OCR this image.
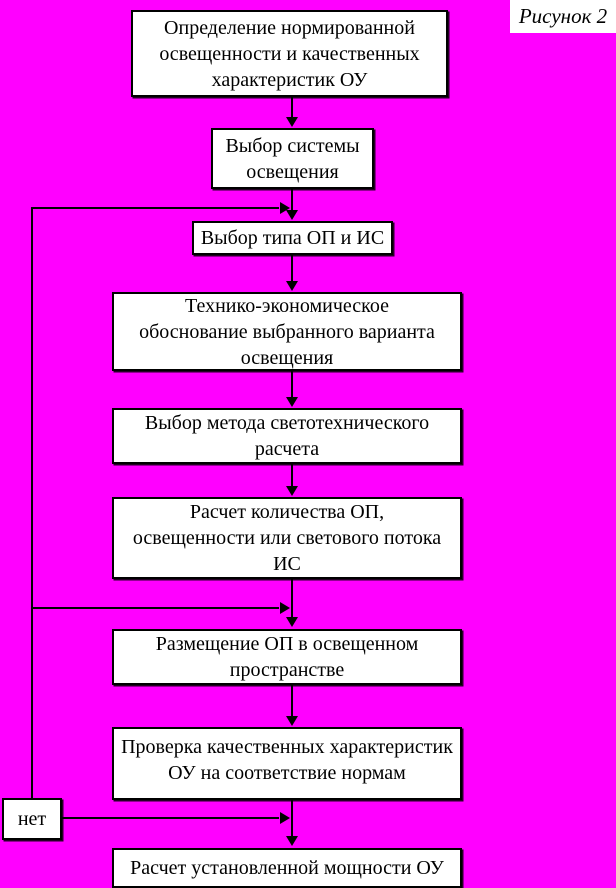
Рисунок 2
Определение нормированной
освещенности и качественных
характеристик ОУ
Выбор системы
освещения
Выбор типа ОП и ИС
Технико-экономическое
обоснование выбранного варианта
освещения
Выбор метода светотехнического
расчета
Расчет количества ОП,
освещенности или светового потока
ИС
Размещение ОП в освещенном
пространстве
Проверка качественных характеристик
ОУ на соответствие нормам
нет
Расчет установленной мощности ОУ
